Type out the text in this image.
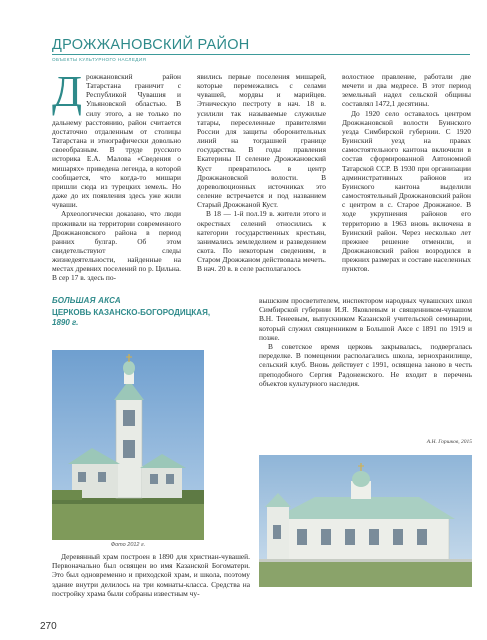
ДРОЖЖАНОВСКИЙ РАЙОН
ОБЪЕКТЫ КУЛЬТУРНОГО НАСЛЕДИЯ

Дрожжановский район Татарстана граничит с Республикой Чувашия и Ульяновской областью. В силу этого, а не только по дальнему расстоянию, район считается достаточно отдаленным от столицы Татарстана и этнографически довольно своеобразным. В труде русского историка Е.А. Малова «Сведения о мишарях» приведена легенда, в которой сообщается, что когда-то мишари пришли сюда из турецких земель. Но даже до их появления здесь уже жили чуваши.

Археологически доказано, что люди проживали на территории современного Дрожжановского района в период ранних булгар. Об этом свидетельствуют следы жизнедеятельности, найденные на местах древних поселений по р. Цильна. В сер 17 в. здесь по-

явились первые поселения мишарей, которые перемежались с селами чувашей, мордвы и марийцев. Этническую пестроту в нач. 18 в. усилили так называемые служилые татары, переселенные правителями России для защиты оборонительных линий на тогдашней границе государства. В годы правления Екатерины II селение Дрожжановский Куст превратилось в центр Дрожжановской волости. В дореволюционных источниках это селение встречается и под названием Старый Дрожжаной Куст.

В 18 — 1-й пол.19 в. жители этого и окрестных селений относились к категории государственных крестьян, занимались земледелием и разведением скота. По некоторым сведениям, в Старом Дрожжаном действовала мечеть. В нач. 20 в. в селе располагалось

волостное правление, работали две мечети и два медресе. В этот период земельный надел сельской общины составлял 1472,1 десятины.

До 1920 село оставалось центром Дрожжановской волости Буинского уезда Симбирской губернии. С 1920 Буинский уезд на правах самостоятельного кантона включили в состав сформированной Автономной Татарской ССР. В 1930 при организации административных районов из Буинского кантона выделили самостоятельный Дрожжановский район с центром в с. Старое Дрожжаное. В ходе укрупнения районов его территорию в 1963 вновь включена в Буинский район. Через несколько лет прежнее решение отменили, и Дрожжановский район возродился в прежних размерах и составе населенных пунктов.

БОЛЬШАЯ АКСА
ЦЕРКОВЬ КАЗАНСКО-БОГОРОДИЦКАЯ,
1890 г.

вышским просветителем, инспектором народных чувашских школ Симбирской губернии И.Я. Яковлевым и священником-чувашом В.Н. Тенеевым, выпускником Казанской учительской семинарии, который служил священником в Большой Аксе с 1891 по 1919 и позже.

В советское время церковь закрывалась, подвергалась переделке. В помещении располагались школа, зернохранилище, сельский клуб. Вновь действует с 1991, освящена заново в честь преподобного Сергия Радонежского. Не входит в перечень объектов культурного наследия.

А.Н. Горшков, 2015
Фото 2012 г.

Деревянный храм построен в 1890 для христиан-чувашей. Первоначально был освящен во имя Казанской Богоматери. Это был одновременно и приходской храм, и школа, поэтому здание внутри делилось на три комнаты-класса. Средства на постройку храма были собраны известным чу-

270
